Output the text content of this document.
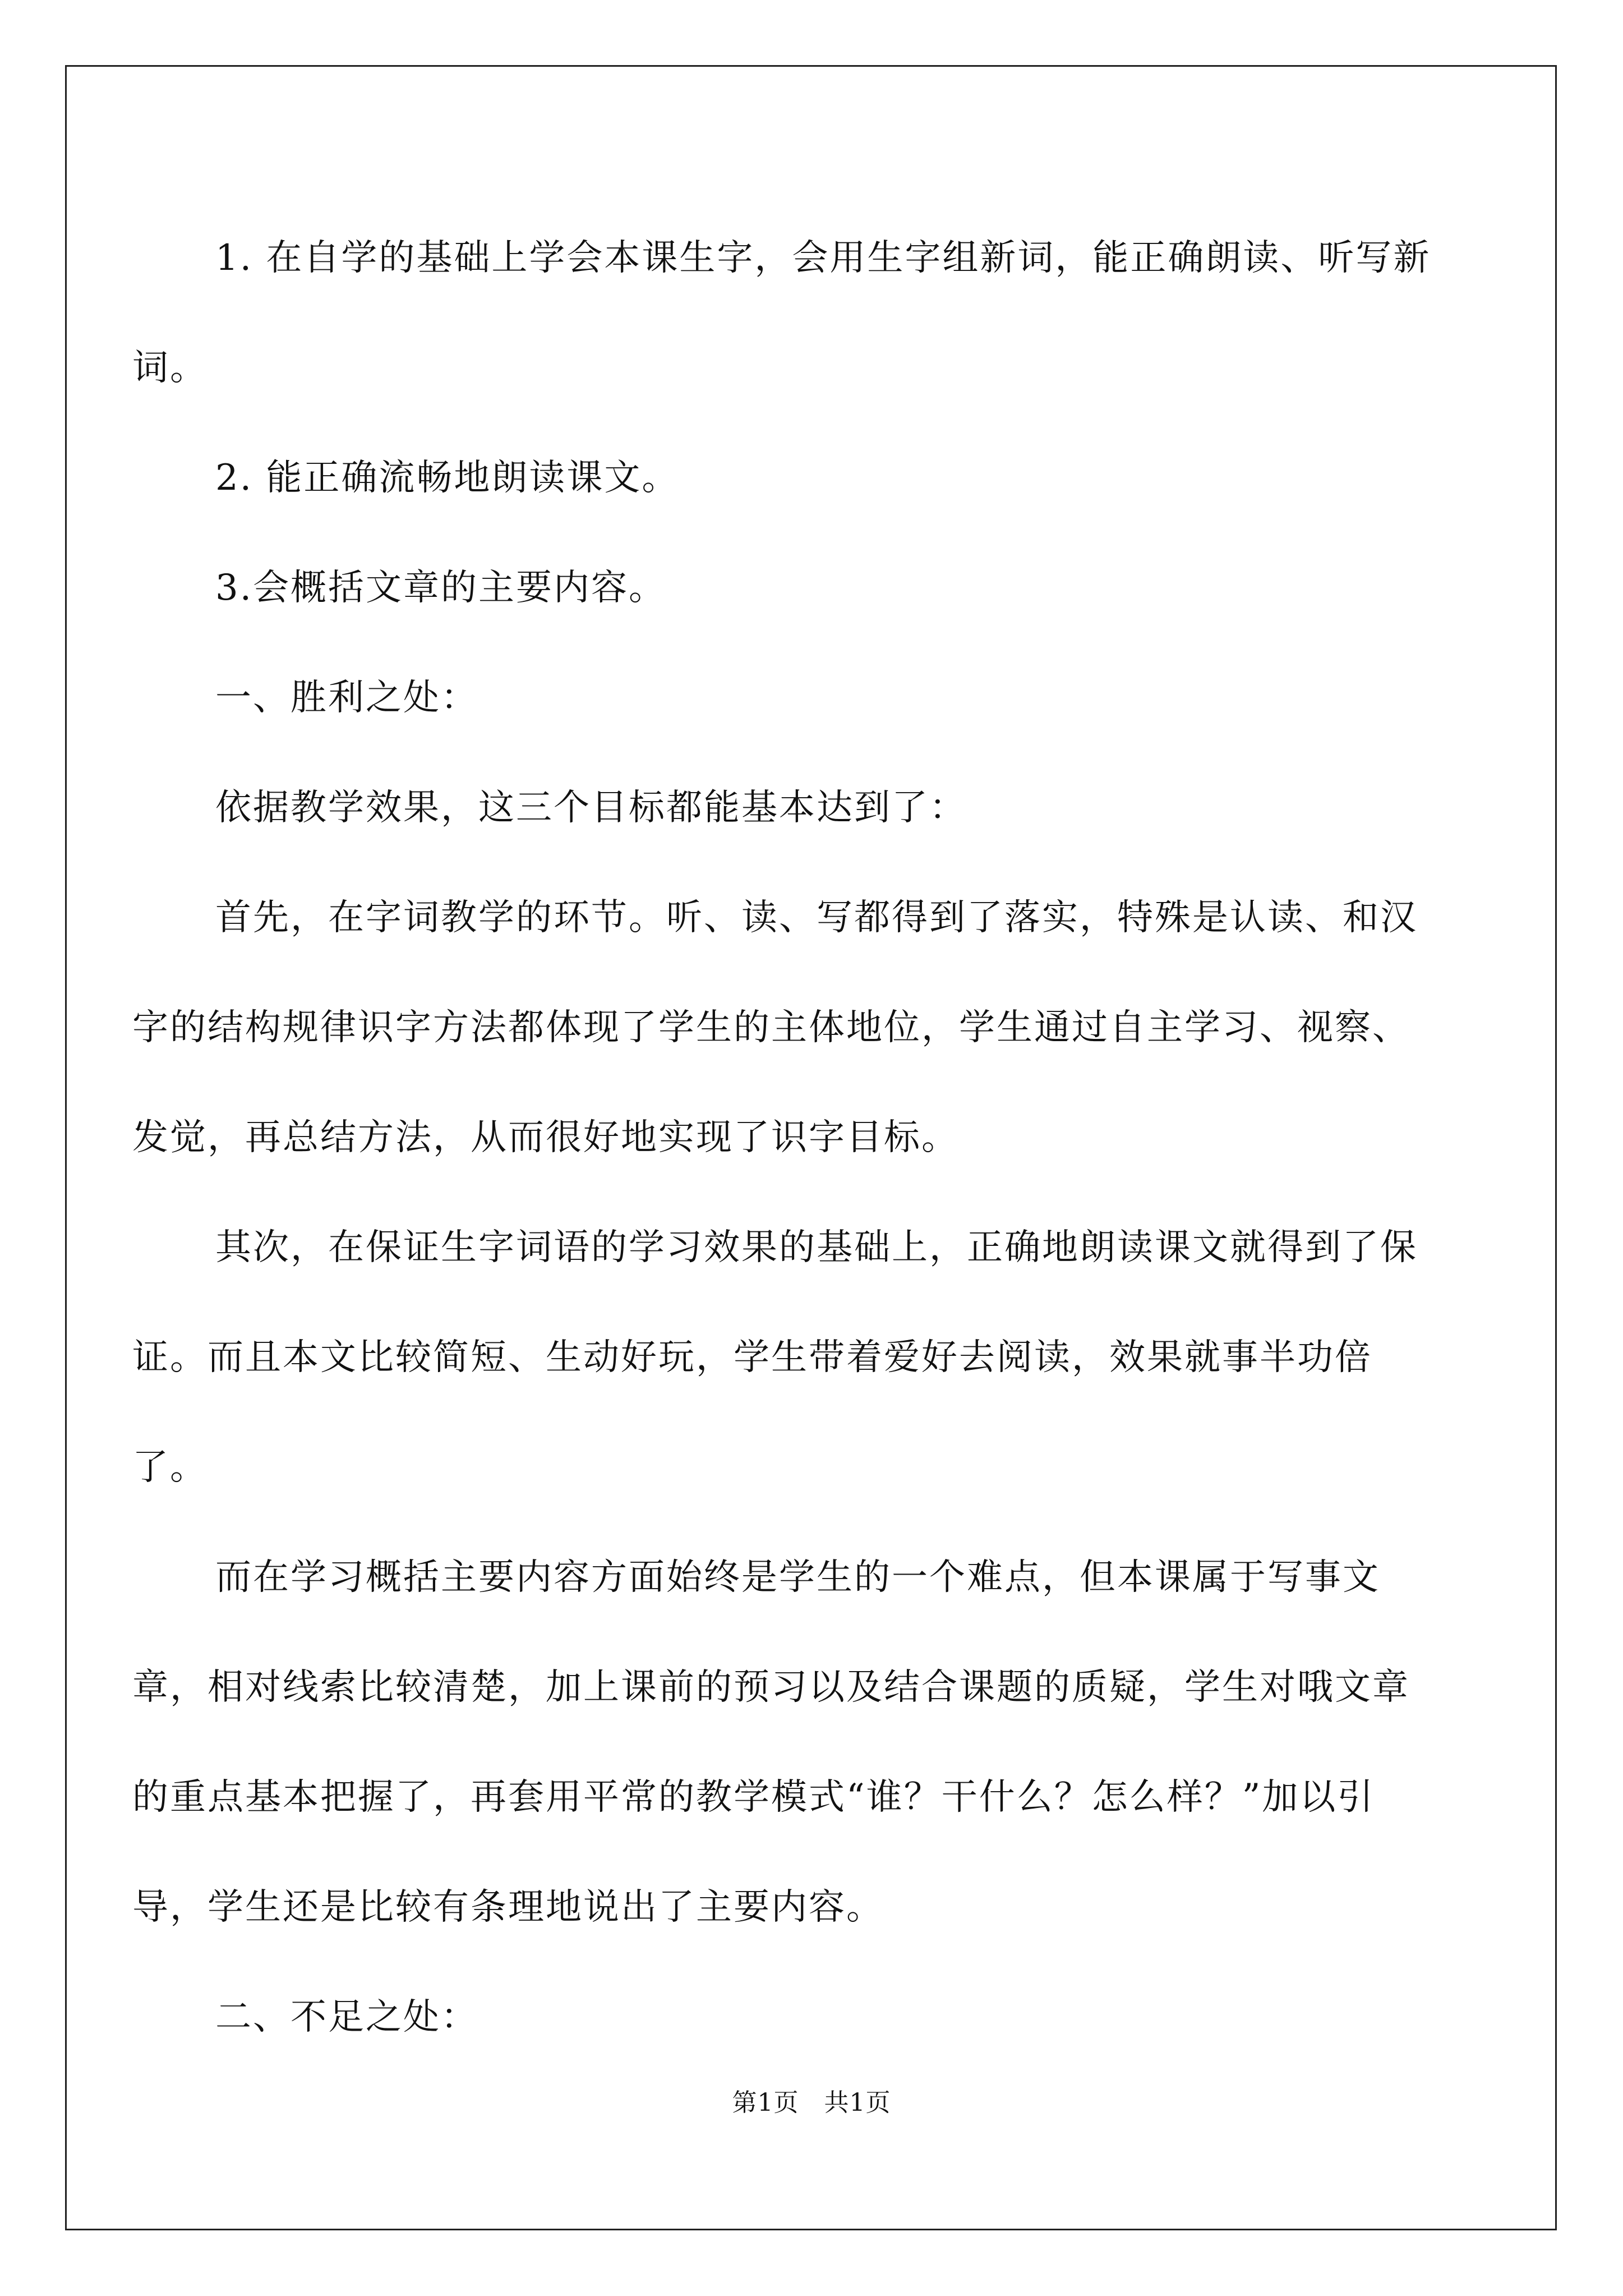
1. 在自学的基础上学会本课生字，会用生字组新词，能正确朗读、听写新词。

2. 能正确流畅地朗读课文。

3.会概括文章的主要内容。

一、胜利之处：

依据教学效果，这三个目标都能基本达到了：

首先，在字词教学的环节。听、读、写都得到了落实，特殊是认读、和汉字的结构规律识字方法都体现了学生的主体地位，学生通过自主学习、视察、发觉，再总结方法，从而很好地实现了识字目标。

其次，在保证生字词语的学习效果的基础上，正确地朗读课文就得到了保证。而且本文比较简短、生动好玩，学生带着爱好去阅读，效果就事半功倍了。

而在学习概括主要内容方面始终是学生的一个难点，但本课属于写事文章，相对线索比较清楚，加上课前的预习以及结合课题的质疑，学生对哦文章的重点基本把握了，再套用平常的教学模式“谁？干什么？怎么样？”加以引导，学生还是比较有条理地说出了主要内容。

二、不足之处：

第1页 共1页
